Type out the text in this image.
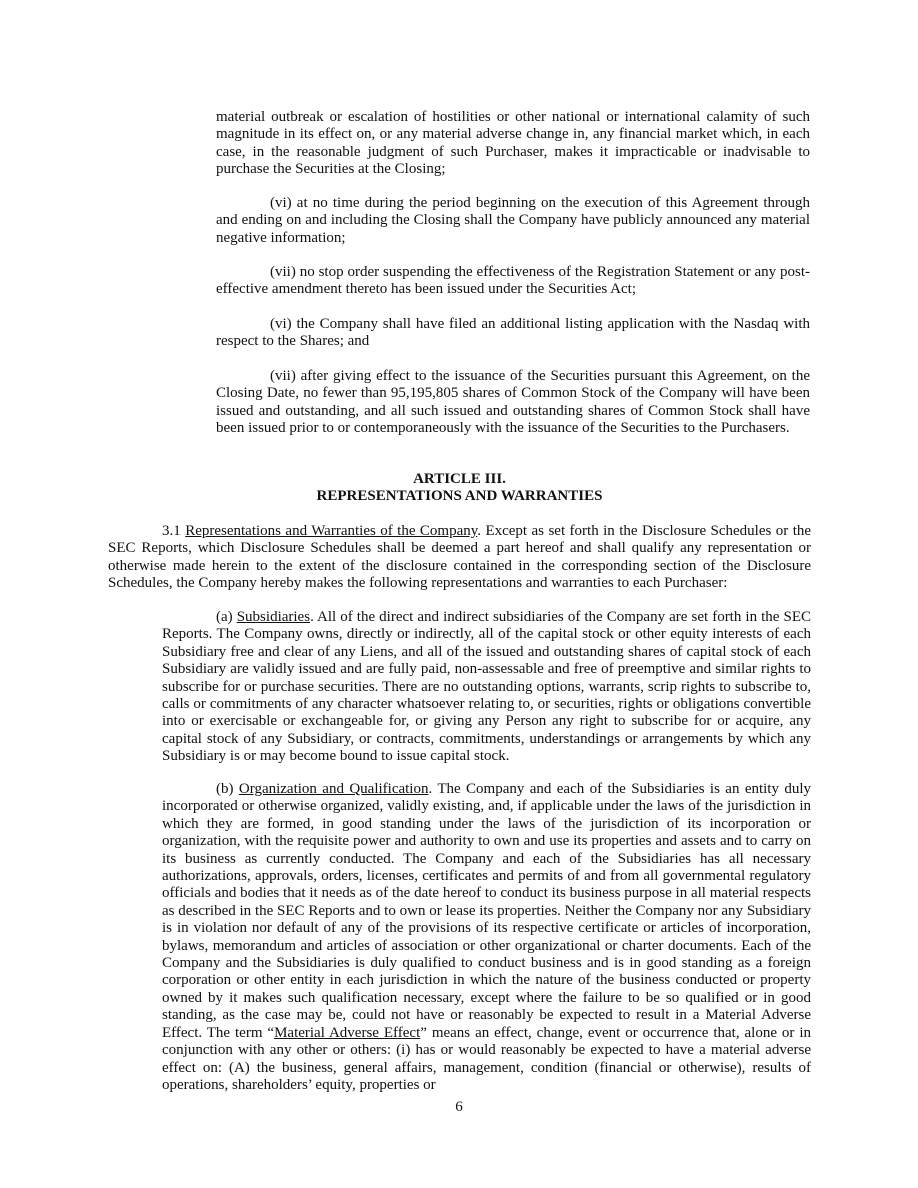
material outbreak or escalation of hostilities or other national or international calamity of such magnitude in its effect on, or any material adverse change in, any financial market which, in each case, in the reasonable judgment of such Purchaser, makes it impracticable or inadvisable to purchase the Securities at the Closing;

(vi) at no time during the period beginning on the execution of this Agreement through and ending on and including the Closing shall the Company have publicly announced any material negative information;

(vii) no stop order suspending the effectiveness of the Registration Statement or any post-effective amendment thereto has been issued under the Securities Act;

(vi) the Company shall have filed an additional listing application with the Nasdaq with respect to the Shares; and

(vii) after giving effect to the issuance of the Securities pursuant this Agreement, on the Closing Date, no fewer than 95,195,805 shares of Common Stock of the Company will have been issued and outstanding, and all such issued and outstanding shares of Common Stock shall have been issued prior to or contemporaneously with the issuance of the Securities to the Purchasers.

ARTICLE III.
REPRESENTATIONS AND WARRANTIES

3.1 Representations and Warranties of the Company. Except as set forth in the Disclosure Schedules or the SEC Reports, which Disclosure Schedules shall be deemed a part hereof and shall qualify any representation or otherwise made herein to the extent of the disclosure contained in the corresponding section of the Disclosure Schedules, the Company hereby makes the following representations and warranties to each Purchaser:

(a) Subsidiaries. All of the direct and indirect subsidiaries of the Company are set forth in the SEC Reports. The Company owns, directly or indirectly, all of the capital stock or other equity interests of each Subsidiary free and clear of any Liens, and all of the issued and outstanding shares of capital stock of each Subsidiary are validly issued and are fully paid, non-assessable and free of preemptive and similar rights to subscribe for or purchase securities. There are no outstanding options, warrants, scrip rights to subscribe to, calls or commitments of any character whatsoever relating to, or securities, rights or obligations convertible into or exercisable or exchangeable for, or giving any Person any right to subscribe for or acquire, any capital stock of any Subsidiary, or contracts, commitments, understandings or arrangements by which any Subsidiary is or may become bound to issue capital stock.

(b) Organization and Qualification. The Company and each of the Subsidiaries is an entity duly incorporated or otherwise organized, validly existing, and, if applicable under the laws of the jurisdiction in which they are formed, in good standing under the laws of the jurisdiction of its incorporation or organization, with the requisite power and authority to own and use its properties and assets and to carry on its business as currently conducted. The Company and each of the Subsidiaries has all necessary authorizations, approvals, orders, licenses, certificates and permits of and from all governmental regulatory officials and bodies that it needs as of the date hereof to conduct its business purpose in all material respects as described in the SEC Reports and to own or lease its properties. Neither the Company nor any Subsidiary is in violation nor default of any of the provisions of its respective certificate or articles of incorporation, bylaws, memorandum and articles of association or other organizational or charter documents. Each of the Company and the Subsidiaries is duly qualified to conduct business and is in good standing as a foreign corporation or other entity in each jurisdiction in which the nature of the business conducted or property owned by it makes such qualification necessary, except where the failure to be so qualified or in good standing, as the case may be, could not have or reasonably be expected to result in a Material Adverse Effect. The term “Material Adverse Effect” means an effect, change, event or occurrence that, alone or in conjunction with any other or others: (i) has or would reasonably be expected to have a material adverse effect on: (A) the business, general affairs, management, condition (financial or otherwise), results of operations, shareholders’ equity, properties or

6
